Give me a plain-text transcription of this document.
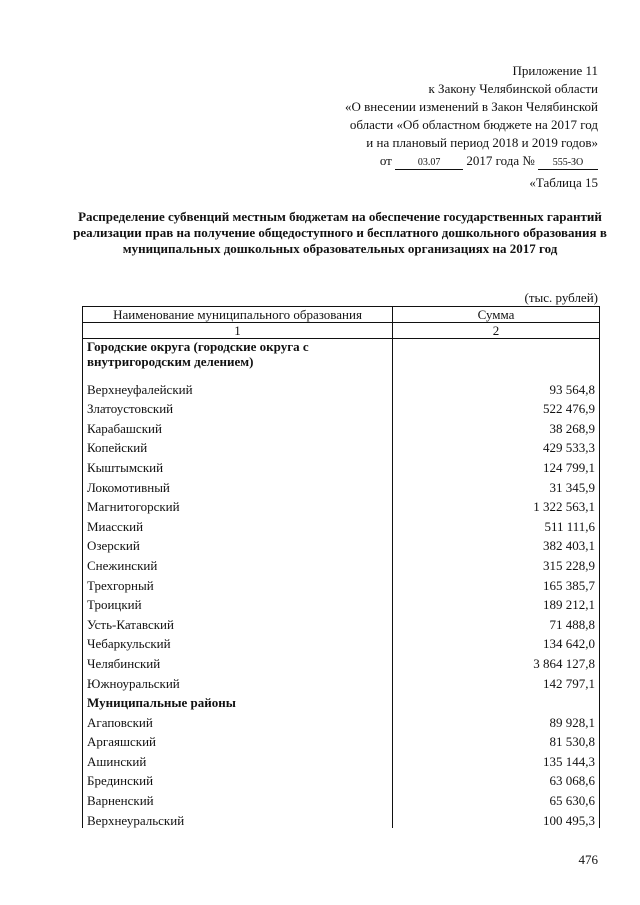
Приложение 11
к Закону Челябинской области
«О внесении изменений в Закон Челябинской
области «Об областном бюджете на 2017 год
и на плановый период 2018 и 2019 годов»
от	03.07 2017 года № 555-ЗО
«Таблица 15
Распределение субвенций местным бюджетам на обеспечение государственных гарантий реализации прав на получение общедоступного и бесплатного дошкольного образования в муниципальных дошкольных образовательных организациях на 2017 год
(тыс. рублей)
Наименование муниципального образования	Сумма
1	2
Городские округа (городские округа с внутригородским делением)	
Верхнеуфалейский	93 564,8
Златоустовский	522 476,9
Карабашский	38 268,9
Копейский	429 533,3
Кыштымский	124 799,1
Локомотивный	31 345,9
Магнитогорский	1 322 563,1
Миасский	511 111,6
Озерский	382 403,1
Снежинский	315 228,9
Трехгорный	165 385,7
Троицкий	189 212,1
Усть-Катавский	71 488,8
Чебаркульский	134 642,0
Челябинский	3 864 127,8
Южноуральский	142 797,1
Муниципальные районы	
Агаповский	89 928,1
Аргаяшский	81 530,8
Ашинский	135 144,3
Брединский	63 068,6
Варненский	65 630,6
Верхнеуральский	100 495,3
476
